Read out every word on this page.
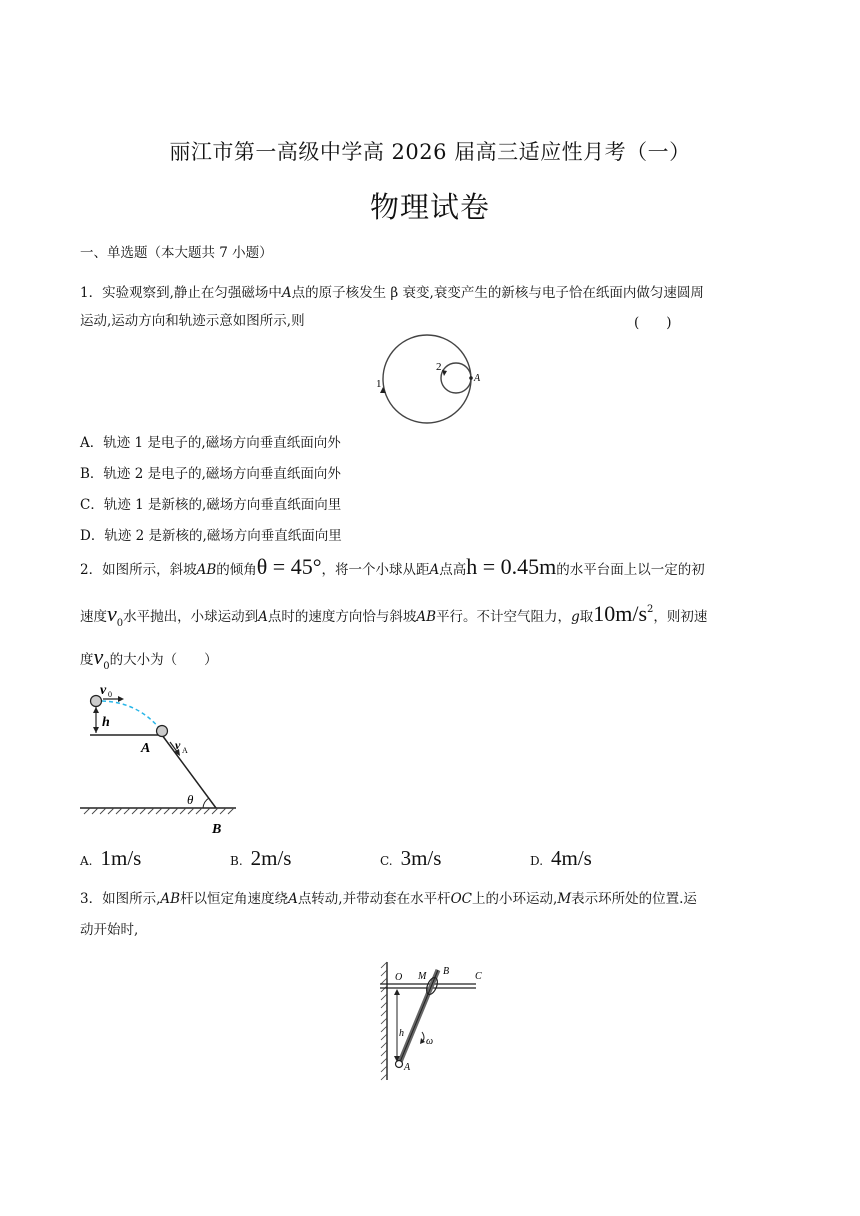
丽江市第一高级中学高 2026 届高三适应性月考（一）
物理试卷
一、单选题（本大题共 7 小题）
1．实验观察到,静止在匀强磁场中A点的原子核发生 β 衰变,衰变产生的新核与电子恰在纸面内做匀速圆周
运动,运动方向和轨迹示意如图所示,则	(　　)
1
2
A
A．轨迹 1 是电子的,磁场方向垂直纸面向外
B．轨迹 2 是电子的,磁场方向垂直纸面向外
C．轨迹 1 是新核的,磁场方向垂直纸面向里
D．轨迹 2 是新核的,磁场方向垂直纸面向里
2．如图所示，斜坡AB的倾角θ = 45°，将一个小球从距A点高h = 0.45m的水平台面上以一定的初
速度$v_0$水平抛出，小球运动到A点时的速度方向恰与斜坡AB平行。不计空气阻力，g取$10m/s^2$，则初速
度$v_0$的大小为（　　）
v 0
h
A v A
θ
B
A. 1m/s	B. 2m/s	C. 3m/s	D. 4m/s
3．如图所示,AB杆以恒定角速度绕A点转动,并带动套在水平杆OC上的小环运动,M表示环所处的位置.运
动开始时,
O M B	C
h
ω
A
